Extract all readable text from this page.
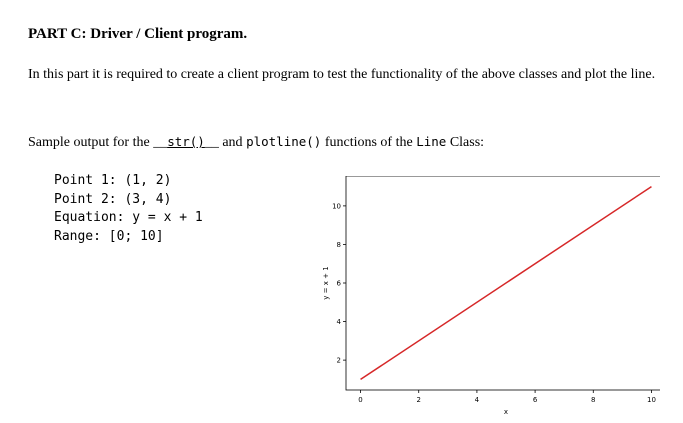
PART C: Driver / Client program.

In this part it is required to create a client program to test the functionality of the above classes and plot the line.

Sample output for the __str()__ and plotline() functions of the Line Class:

Point 1: (1, 2)
Point 2: (3, 4)
Equation: y = x + 1
Range: [0; 10]
0	2	4	6	8	10
2
4
6
8
10
x
y = x + 1
